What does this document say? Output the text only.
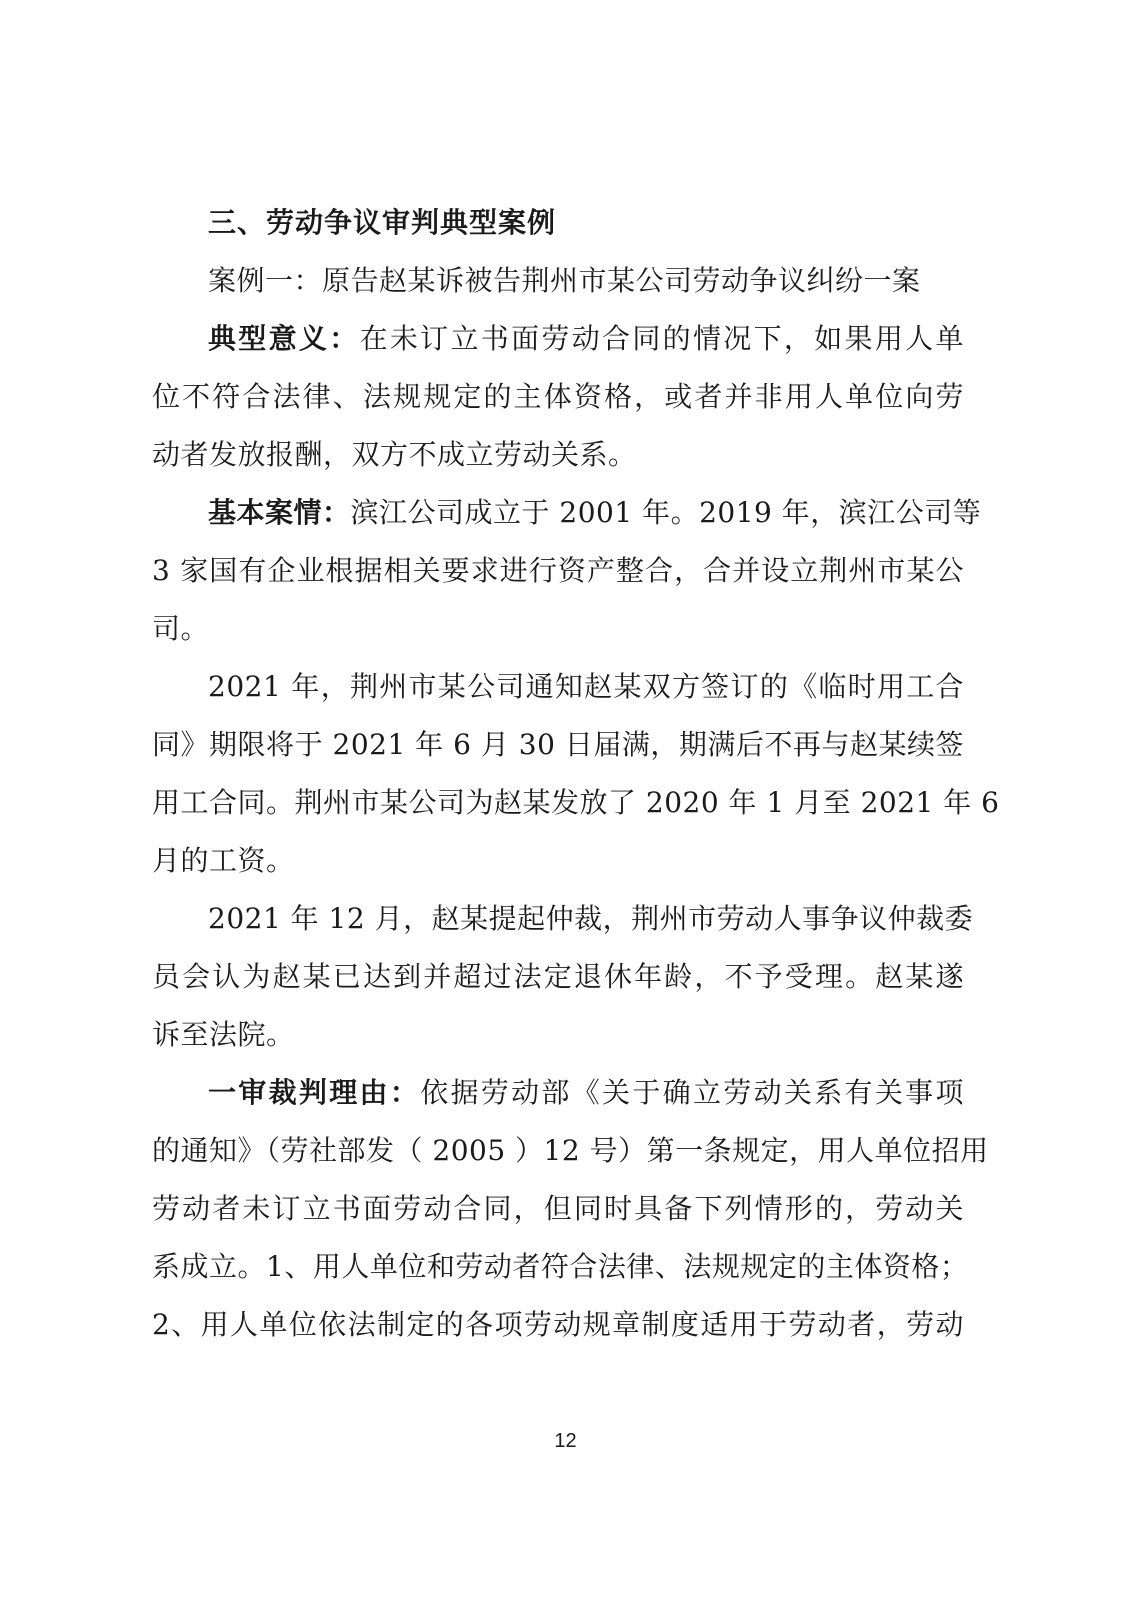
三、劳动争议审判典型案例
案例一：原告赵某诉被告荆州市某公司劳动争议纠纷一案
典型意义：在未订立书面劳动合同的情况下，如果用人单
位不符合法律、法规规定的主体资格，或者并非用人单位向劳
动者发放报酬，双方不成立劳动关系。
基本案情：滨江公司成立于 2001 年。2019 年，滨江公司等
3 家国有企业根据相关要求进行资产整合，合并设立荆州市某公
司。
2021 年，荆州市某公司通知赵某双方签订的《临时用工合
同》期限将于 2021 年 6 月 30 日届满，期满后不再与赵某续签
用工合同。荆州市某公司为赵某发放了 2020 年 1 月至 2021 年 6
月的工资。
2021 年 12 月，赵某提起仲裁，荆州市劳动人事争议仲裁委
员会认为赵某已达到并超过法定退休年龄，不予受理。赵某遂
诉至法院。
一审裁判理由：依据劳动部《关于确立劳动关系有关事项
的通知》（劳社部发（ 2005 ）12 号）第一条规定，用人单位招用
劳动者未订立书面劳动合同，但同时具备下列情形的，劳动关
系成立。1、用人单位和劳动者符合法律、法规规定的主体资格；
2、用人单位依法制定的各项劳动规章制度适用于劳动者，劳动
12
